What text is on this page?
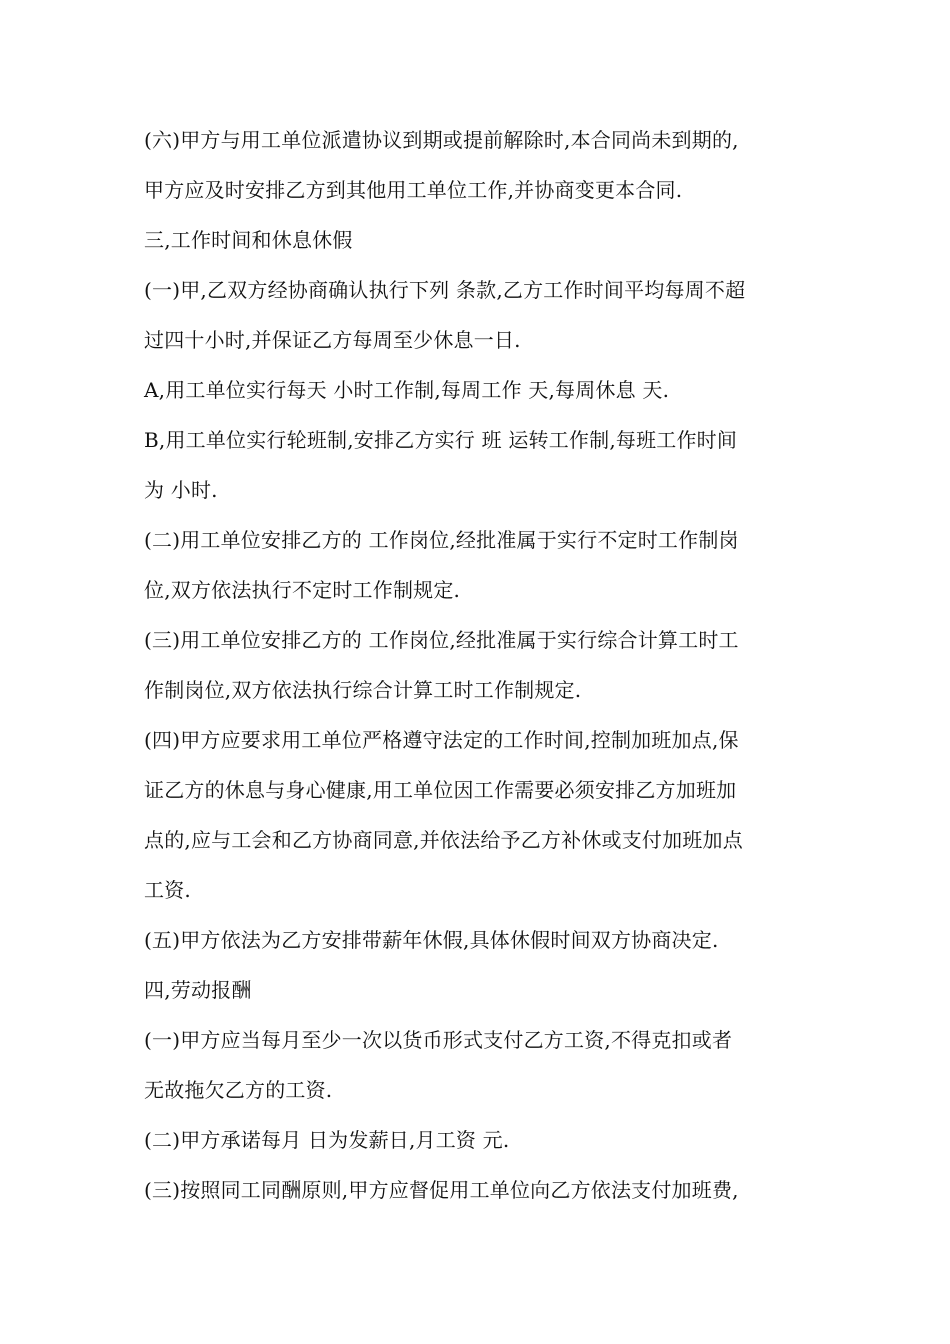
(六)甲方与用工单位派遣协议到期或提前解除时,本合同尚未到期的,
甲方应及时安排乙方到其他用工单位工作,并协商变更本合同.
三,工作时间和休息休假
(一)甲,乙双方经协商确认执行下列 条款,乙方工作时间平均每周不超
过四十小时,并保证乙方每周至少休息一日.
A,用工单位实行每天 小时工作制,每周工作 天,每周休息 天.
B,用工单位实行轮班制,安排乙方实行 班 运转工作制,每班工作时间
为 小时.
(二)用工单位安排乙方的 工作岗位,经批准属于实行不定时工作制岗
位,双方依法执行不定时工作制规定.
(三)用工单位安排乙方的 工作岗位,经批准属于实行综合计算工时工
作制岗位,双方依法执行综合计算工时工作制规定.
(四)甲方应要求用工单位严格遵守法定的工作时间,控制加班加点,保
证乙方的休息与身心健康,用工单位因工作需要必须安排乙方加班加
点的,应与工会和乙方协商同意,并依法给予乙方补休或支付加班加点
工资.
(五)甲方依法为乙方安排带薪年休假,具体休假时间双方协商决定.
四,劳动报酬
(一)甲方应当每月至少一次以货币形式支付乙方工资,不得克扣或者
无故拖欠乙方的工资.
(二)甲方承诺每月 日为发薪日,月工资 元.
(三)按照同工同酬原则,甲方应督促用工单位向乙方依法支付加班费,
